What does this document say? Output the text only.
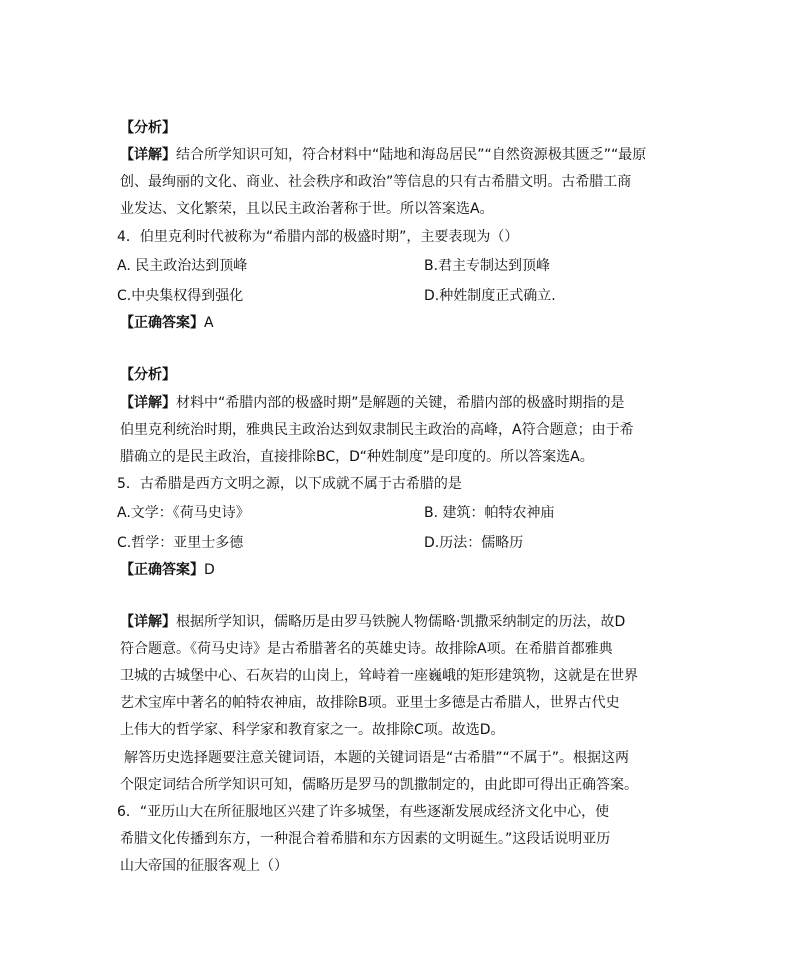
【分析】
【详解】结合所学知识可知，符合材料中“陆地和海岛居民”“自然资源极其匮乏”“最原
创、最绚丽的文化、商业、社会秩序和政治”等信息的只有古希腊文明。古希腊工商
业发达、文化繁荣，且以民主政治著称于世。所以答案选A。
4．伯里克利时代被称为“希腊内部的极盛时期”，主要表现为（）
A. 民主政治达到顶峰	B.君主专制达到顶峰
C.中央集权得到强化	D.种姓制度正式确立.
【正确答案】A
【分析】
【详解】材料中“希腊内部的极盛时期”是解题的关键，希腊内部的极盛时期指的是
伯里克利统治时期，雅典民主政治达到奴隶制民主政治的高峰，A符合题意；由于希
腊确立的是民主政治，直接排除BC，D“种姓制度”是印度的。所以答案选A。
5．古希腊是西方文明之源，以下成就不属于古希腊的是
A.文学：《荷马史诗》	B. 建筑：帕特农神庙
C.哲学：亚里士多德	D.历法：儒略历
【正确答案】D
【详解】根据所学知识，儒略历是由罗马铁腕人物儒略·凯撒采纳制定的历法，故D
符合题意。《荷马史诗》是古希腊著名的英雄史诗。故排除A项。在希腊首都雅典
卫城的古城堡中心、石灰岩的山岗上，耸峙着一座巍峨的矩形建筑物，这就是在世界
艺术宝库中著名的帕特农神庙，故排除B项。亚里士多德是古希腊人，世界古代史
上伟大的哲学家、科学家和教育家之一。故排除C项。故选D。
解答历史选择题要注意关键词语，本题的关键词语是“古希腊”“不属于”。根据这两
个限定词结合所学知识可知，儒略历是罗马的凯撒制定的，由此即可得出正确答案。
6．“亚历山大在所征服地区兴建了许多城堡，有些逐渐发展成经济文化中心，使
希腊文化传播到东方，一种混合着希腊和东方因素的文明诞生。”这段话说明亚历
山大帝国的征服客观上（）
